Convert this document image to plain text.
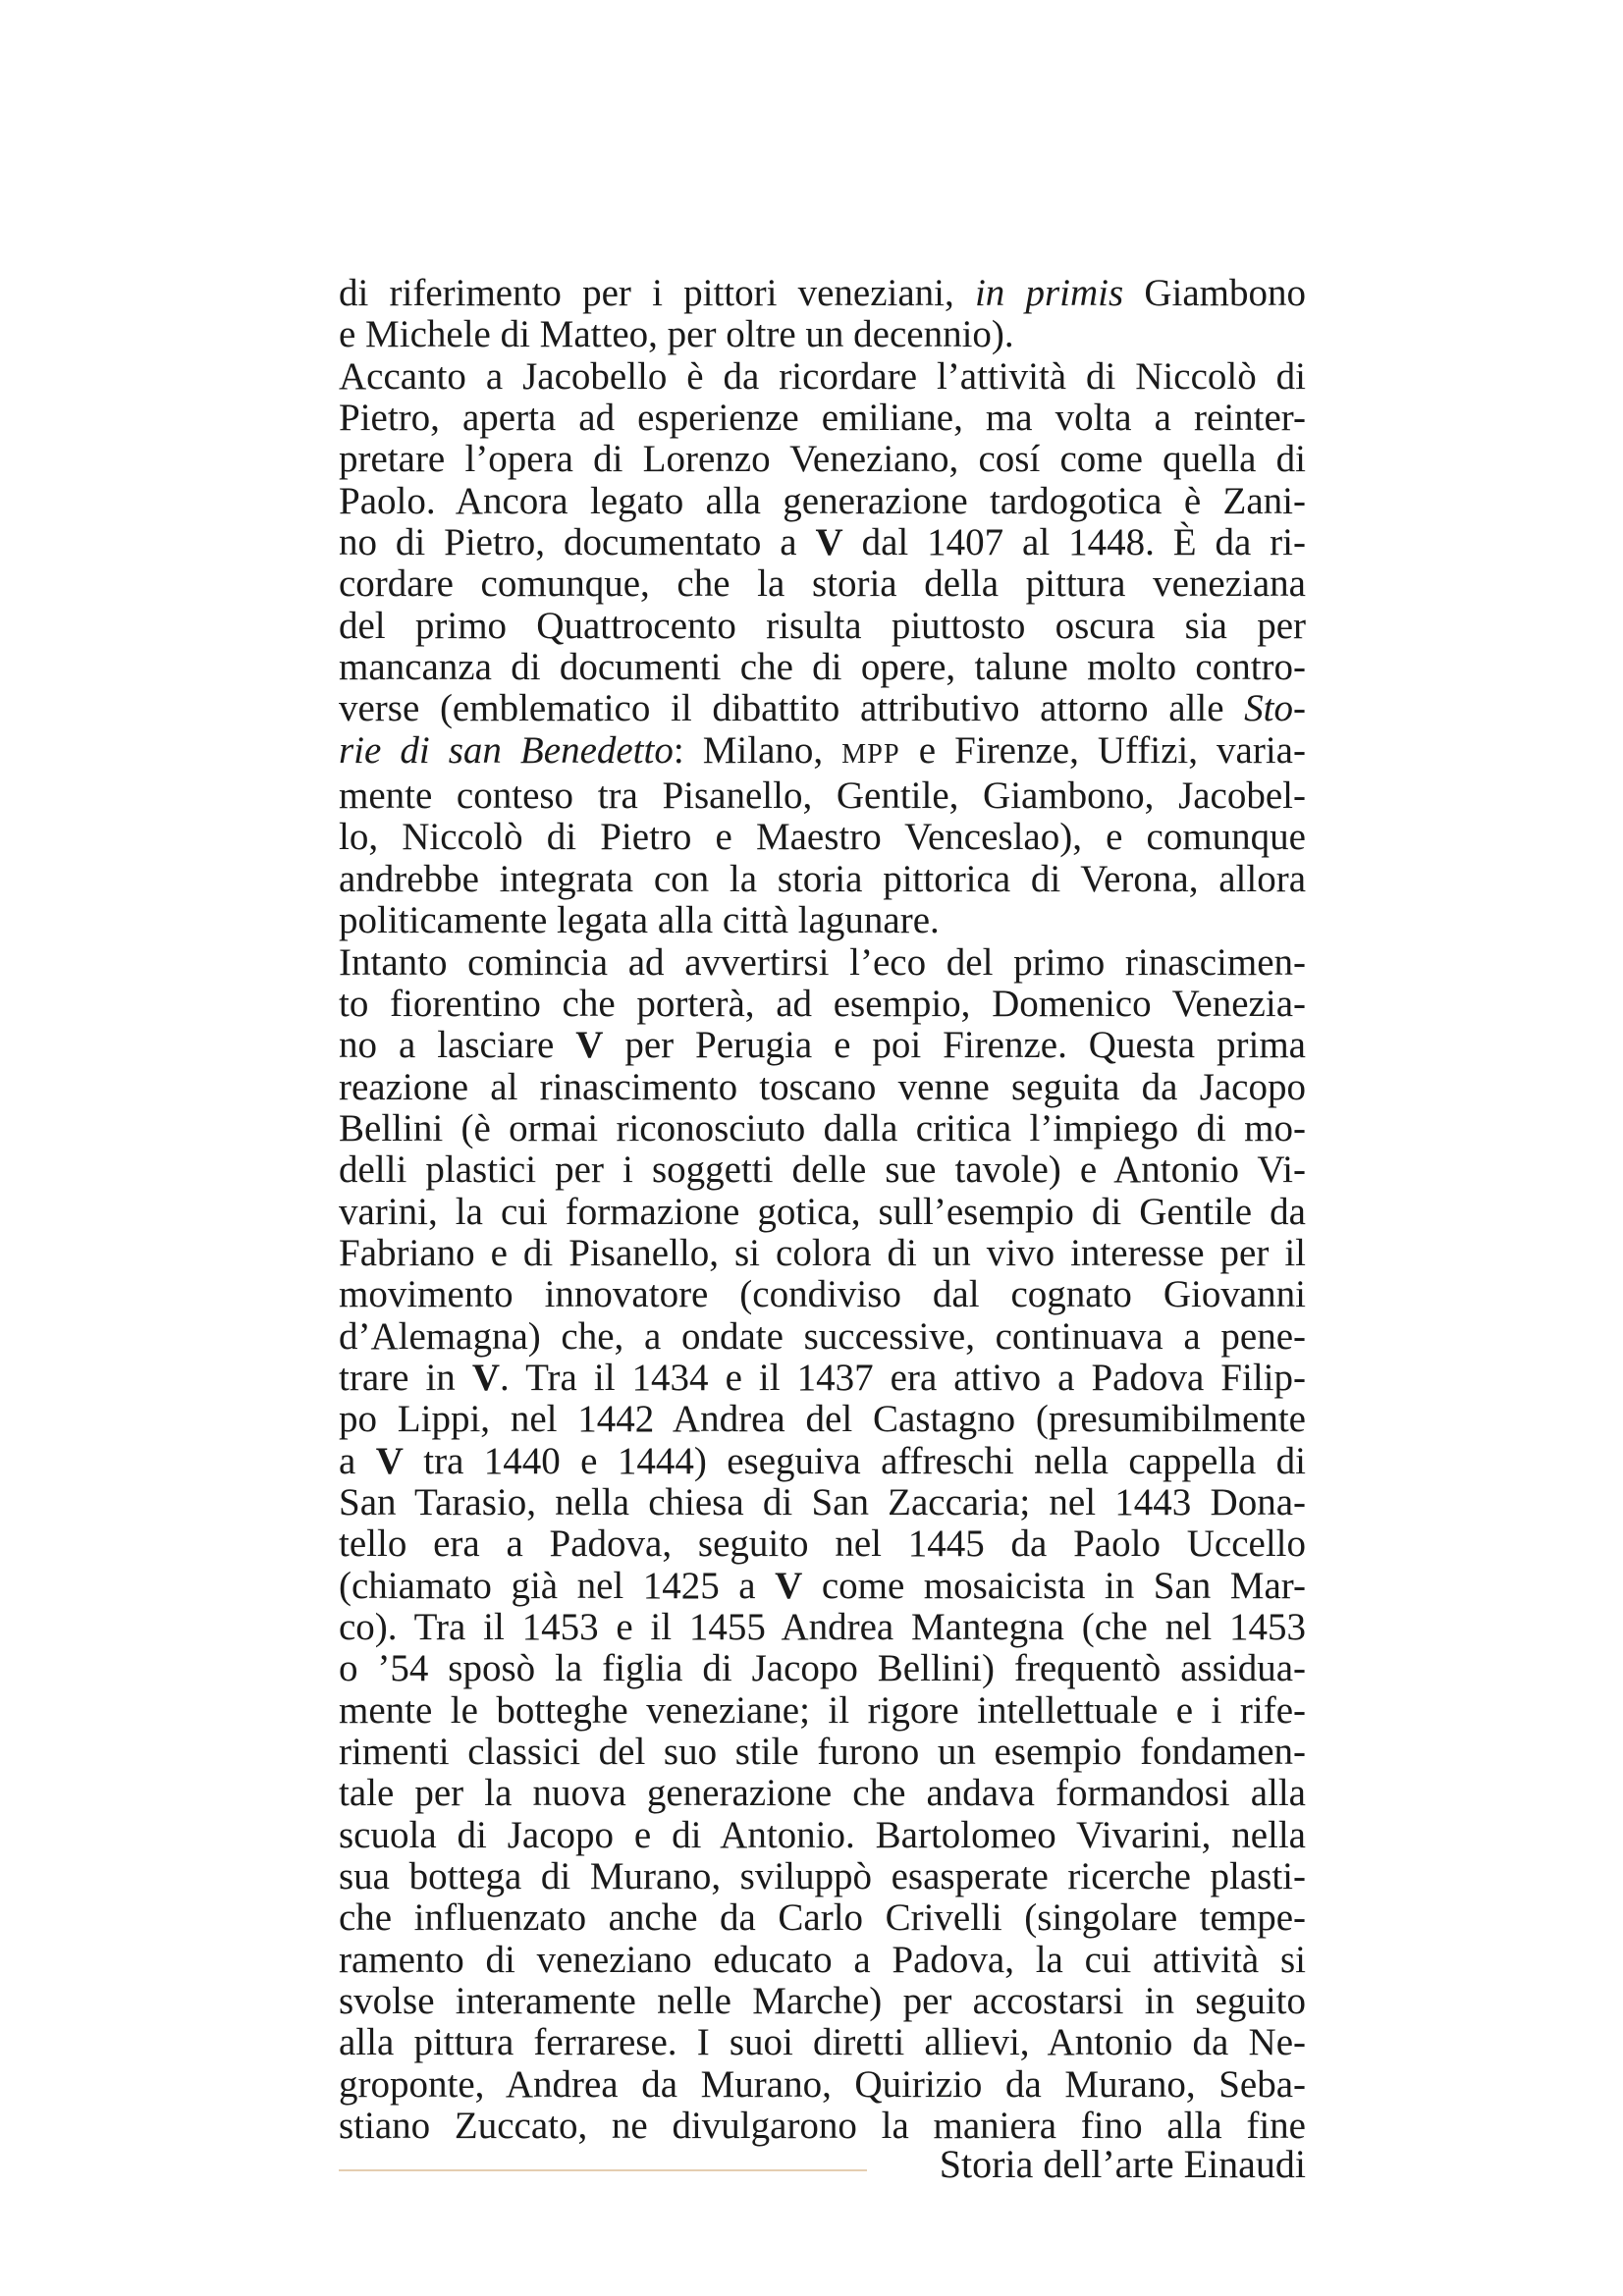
di riferimento per i pittori veneziani, in primis Giambono
e Michele di Matteo, per oltre un decennio).
Accanto a Jacobello è da ricordare l’attività di Niccolò di
Pietro, aperta ad esperienze emiliane, ma volta a reinter-
pretare l’opera di Lorenzo Veneziano, cosí come quella di
Paolo. Ancora legato alla generazione tardogotica è Zani-
no di Pietro, documentato a V dal 1407 al 1448. È da ri-
cordare comunque, che la storia della pittura veneziana
del primo Quattrocento risulta piuttosto oscura sia per
mancanza di documenti che di opere, talune molto contro-
verse (emblematico il dibattito attributivo attorno alle Sto-
rie di san Benedetto: Milano, MPP e Firenze, Uffizi, varia-
mente conteso tra Pisanello, Gentile, Giambono, Jacobel-
lo, Niccolò di Pietro e Maestro Venceslao), e comunque
andrebbe integrata con la storia pittorica di Verona, allora
politicamente legata alla città lagunare.
Intanto comincia ad avvertirsi l’eco del primo rinascimen-
to fiorentino che porterà, ad esempio, Domenico Venezia-
no a lasciare V per Perugia e poi Firenze. Questa prima
reazione al rinascimento toscano venne seguita da Jacopo
Bellini (è ormai riconosciuto dalla critica l’impiego di mo-
delli plastici per i soggetti delle sue tavole) e Antonio Vi-
varini, la cui formazione gotica, sull’esempio di Gentile da
Fabriano e di Pisanello, si colora di un vivo interesse per il
movimento innovatore (condiviso dal cognato Giovanni
d’Alemagna) che, a ondate successive, continuava a pene-
trare in V. Tra il 1434 e il 1437 era attivo a Padova Filip-
po Lippi, nel 1442 Andrea del Castagno (presumibilmente
a V tra 1440 e 1444) eseguiva affreschi nella cappella di
San Tarasio, nella chiesa di San Zaccaria; nel 1443 Dona-
tello era a Padova, seguito nel 1445 da Paolo Uccello
(chiamato già nel 1425 a V come mosaicista in San Mar-
co). Tra il 1453 e il 1455 Andrea Mantegna (che nel 1453
o ’54 sposò la figlia di Jacopo Bellini) frequentò assidua-
mente le botteghe veneziane; il rigore intellettuale e i rife-
rimenti classici del suo stile furono un esempio fondamen-
tale per la nuova generazione che andava formandosi alla
scuola di Jacopo e di Antonio. Bartolomeo Vivarini, nella
sua bottega di Murano, sviluppò esasperate ricerche plasti-
che influenzato anche da Carlo Crivelli (singolare tempe-
ramento di veneziano educato a Padova, la cui attività si
svolse interamente nelle Marche) per accostarsi in seguito
alla pittura ferrarese. I suoi diretti allievi, Antonio da Ne-
groponte, Andrea da Murano, Quirizio da Murano, Seba-
stiano Zuccato, ne divulgarono la maniera fino alla fine
Storia dell’arte Einaudi
